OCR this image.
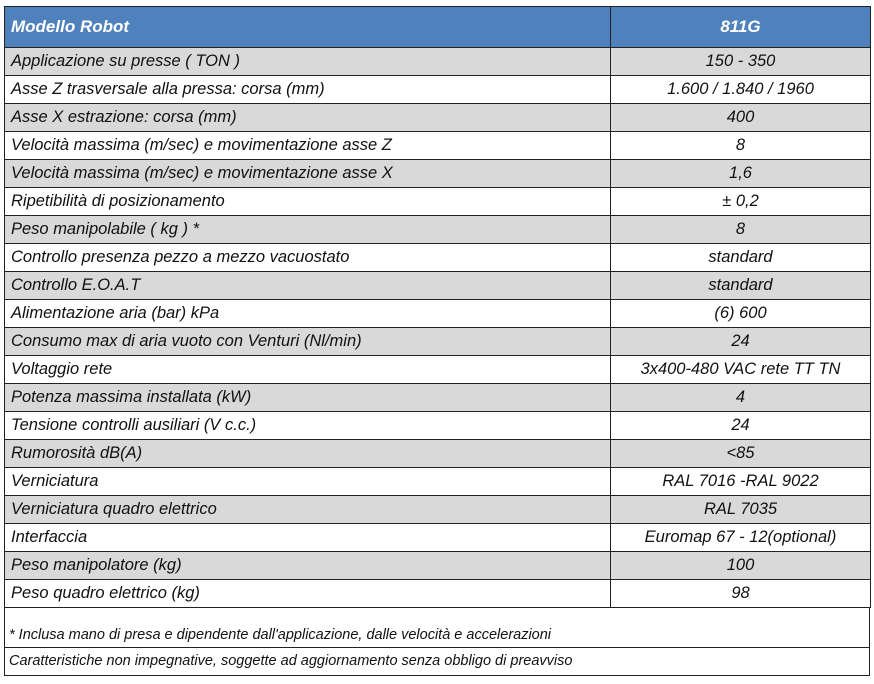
Modello Robot	811G
Applicazione su presse ( TON )	150 - 350
Asse Z trasversale alla pressa: corsa (mm)	1.600 / 1.840 / 1960
Asse X estrazione: corsa (mm)	400
Velocità massima (m/sec) e movimentazione asse Z	8
Velocità massima (m/sec) e movimentazione asse X	1,6
Ripetibilità di posizionamento	± 0,2
Peso manipolabile ( kg ) *	8
Controllo presenza pezzo a mezzo vacuostato	standard
Controllo E.O.A.T	standard
Alimentazione aria (bar) kPa	(6) 600
Consumo max di aria vuoto con Venturi (Nl/min)	24
Voltaggio rete	3x400-480 VAC rete TT TN
Potenza massima installata (kW)	4
Tensione controlli ausiliari (V c.c.)	24
Rumorosità dB(A)	<85
Verniciatura	RAL 7016 -RAL 9022
Verniciatura quadro elettrico	RAL 7035
Interfaccia	Euromap 67 - 12(optional)
Peso manipolatore (kg)	100
Peso quadro elettrico (kg)	98
* Inclusa mano di presa e dipendente dall'applicazione, dalle velocità e accelerazioni
Caratteristiche non impegnative, soggette ad aggiornamento senza obbligo di preavviso
